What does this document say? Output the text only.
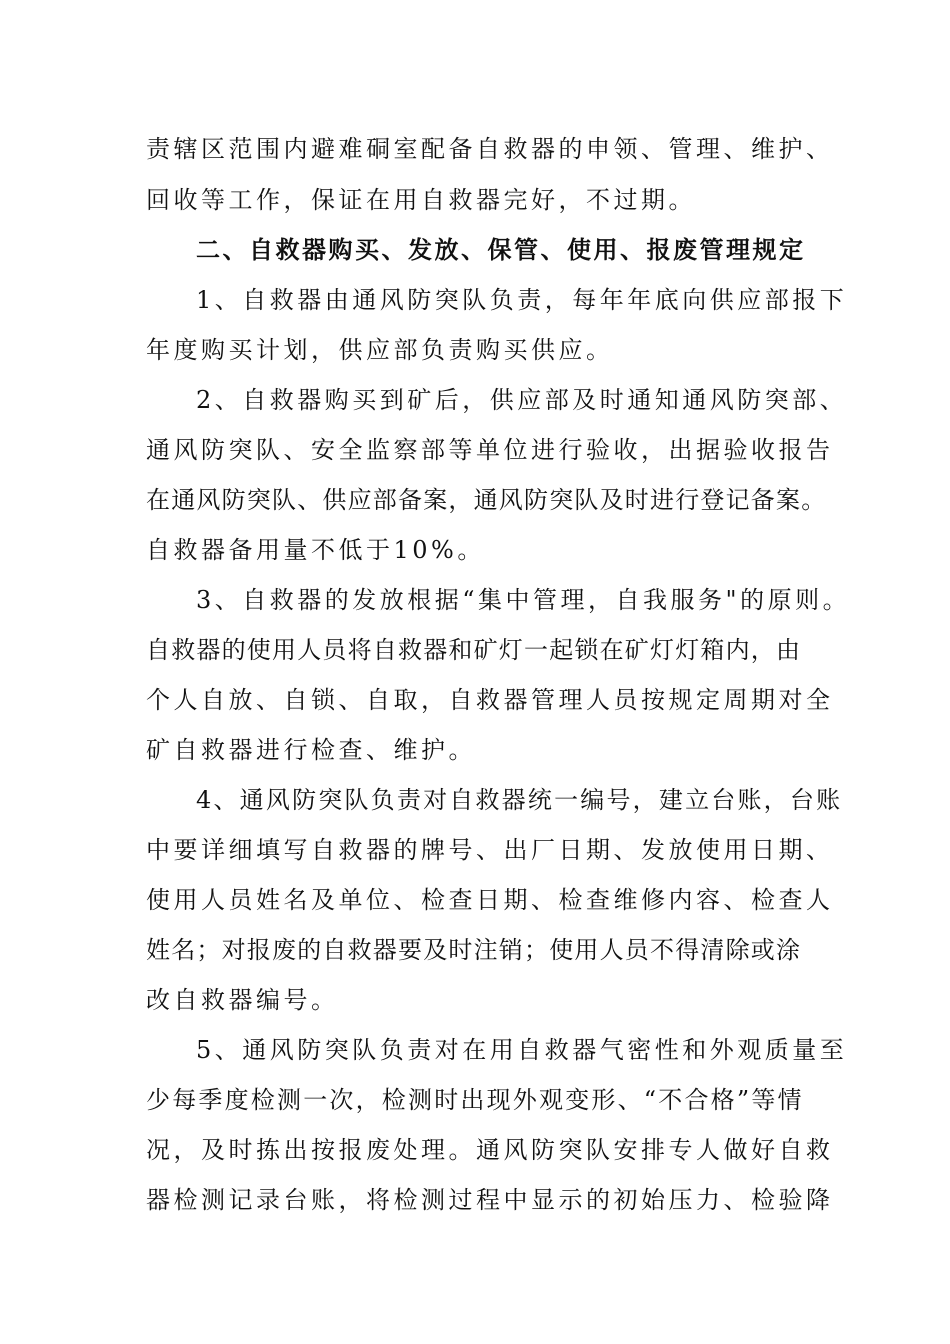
责辖区范围内避难硐室配备自救器的申领、管理、维护、
回收等工作，保证在用自救器完好，不过期。
二、自救器购买、发放、保管、使用、报废管理规定
1、自救器由通风防突队负责，每年年底向供应部报下
年度购买计划，供应部负责购买供应。
2、自救器购买到矿后，供应部及时通知通风防突部、
通风防突队、安全监察部等单位进行验收，出据验收报告
在通风防突队、供应部备案，通风防突队及时进行登记备案。
自救器备用量不低于10%。
3、自救器的发放根据“集中管理，自我服务"的原则。
自救器的使用人员将自救器和矿灯一起锁在矿灯灯箱内，由
个人自放、自锁、自取，自救器管理人员按规定周期对全
矿自救器进行检查、维护。
4、通风防突队负责对自救器统一编号，建立台账，台账
中要详细填写自救器的牌号、出厂日期、发放使用日期、
使用人员姓名及单位、检查日期、检查维修内容、检查人
姓名；对报废的自救器要及时注销；使用人员不得清除或涂
改自救器编号。
5、通风防突队负责对在用自救器气密性和外观质量至
少每季度检测一次，检测时出现外观变形、“不合格”等情
况，及时拣出按报废处理。通风防突队安排专人做好自救
器检测记录台账，将检测过程中显示的初始压力、检验降
